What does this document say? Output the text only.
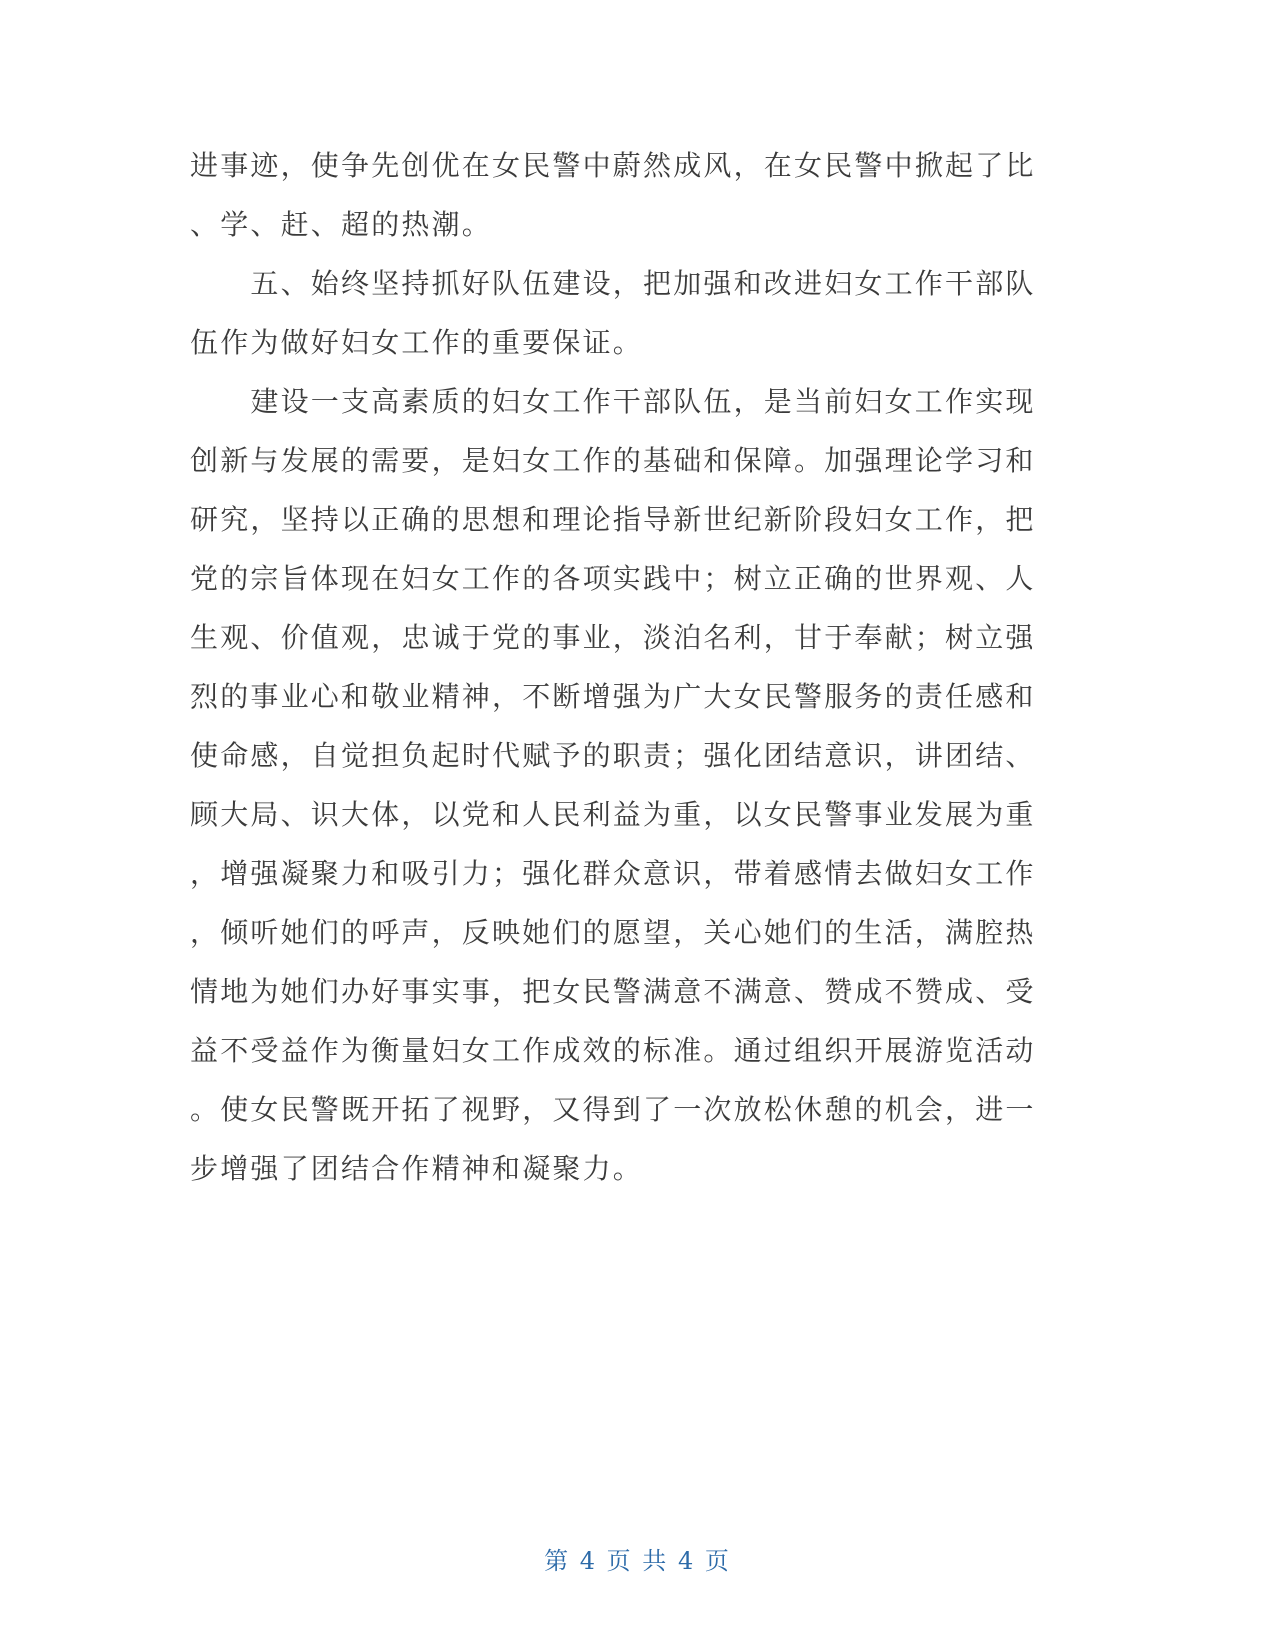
进事迹，使争先创优在女民警中蔚然成风，在女民警中掀起了比
、学、赶、超的热潮。
　　五、始终坚持抓好队伍建设，把加强和改进妇女工作干部队
伍作为做好妇女工作的重要保证。
　　建设一支高素质的妇女工作干部队伍，是当前妇女工作实现
创新与发展的需要，是妇女工作的基础和保障。加强理论学习和
研究，坚持以正确的思想和理论指导新世纪新阶段妇女工作，把
党的宗旨体现在妇女工作的各项实践中；树立正确的世界观、人
生观、价值观，忠诚于党的事业，淡泊名利，甘于奉献；树立强
烈的事业心和敬业精神，不断增强为广大女民警服务的责任感和
使命感，自觉担负起时代赋予的职责；强化团结意识，讲团结、
顾大局、识大体，以党和人民利益为重，以女民警事业发展为重
，增强凝聚力和吸引力；强化群众意识，带着感情去做妇女工作
，倾听她们的呼声，反映她们的愿望，关心她们的生活，满腔热
情地为她们办好事实事，把女民警满意不满意、赞成不赞成、受
益不受益作为衡量妇女工作成效的标准。通过组织开展游览活动
。使女民警既开拓了视野，又得到了一次放松休憩的机会，进一
步增强了团结合作精神和凝聚力。
第 4 页 共 4 页
